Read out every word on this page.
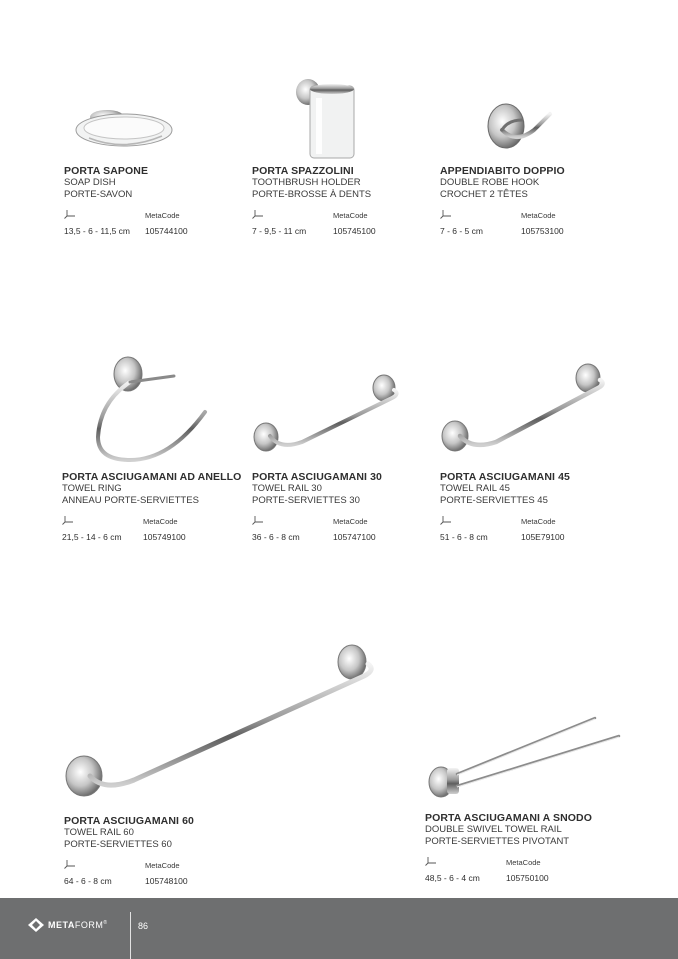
PORTA SAPONE
SOAP DISH
PORTE-SAVON
MetaCode
13,5 - 6 - 11,5 cm 105744100
PORTA SPAZZOLINI
TOOTHBRUSH HOLDER
PORTE-BROSSE À DENTS
MetaCode
7 - 9,5 - 11 cm	105745100
APPENDIABITO DOPPIO
DOUBLE ROBE HOOK
CROCHET 2 TÊTES
MetaCode
7 - 6 - 5 cm	105753100
PORTA ASCIUGAMANI AD ANELLO
TOWEL RING
ANNEAU PORTE-SERVIETTES
MetaCode
21,5 - 14 - 6 cm	105749100
PORTA ASCIUGAMANI 30
TOWEL RAIL 30
PORTE-SERVIETTES 30
MetaCode
36 - 6 - 8 cm	105747100
PORTA ASCIUGAMANI 45
TOWEL RAIL 45
PORTE-SERVIETTES 45
MetaCode
51 - 6 - 8 cm	105E79100
PORTA ASCIUGAMANI 60
TOWEL RAIL 60
PORTE-SERVIETTES 60
MetaCode
64 - 6 - 8 cm	105748100
PORTA ASCIUGAMANI A SNODO
DOUBLE SWIVEL TOWEL RAIL
PORTE-SERVIETTES PIVOTANT
MetaCode
48,5 - 6 - 4 cm	105750100
METAFORM®	86
